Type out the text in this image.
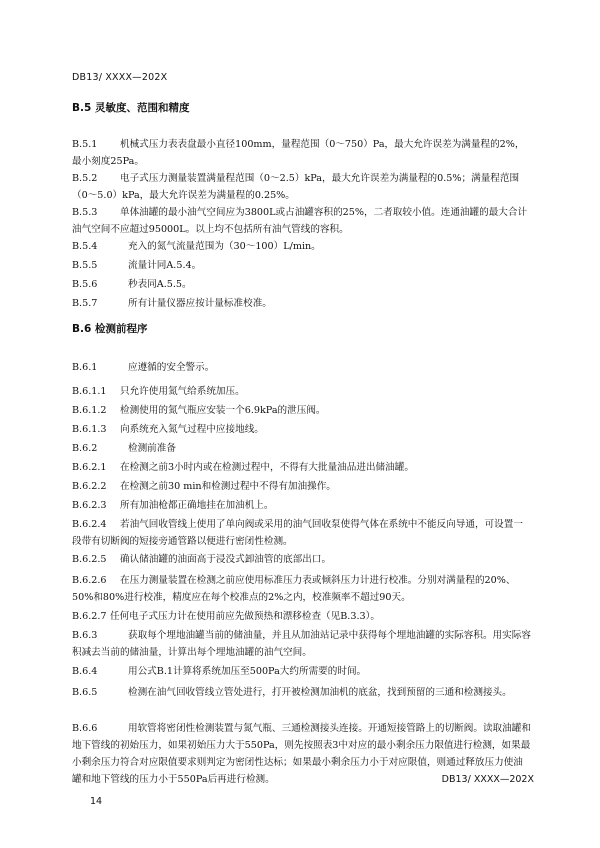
DB13/ XXXX—202X
B.5 灵敏度、范围和精度
B.5.1 机械式压力表表盘最小直径100mm，量程范围（0～750）Pa，最大允许误差为满量程的2%，最小刻度25Pa。
B.5.2 电子式压力测量装置满量程范围（0～2.5）kPa，最大允许误差为满量程的0.5%；满量程范围（0～5.0）kPa，最大允许误差为满量程的0.25%。
B.5.3 单体油罐的最小油气空间应为3800L或占油罐容积的25%，二者取较小值。连通油罐的最大合计油气空间不应超过95000L。以上均不包括所有油气管线的容积。
B.5.4	充入的氮气流量范围为（30～100）L/min。
B.5.5	流量计同A.5.4。
B.5.6	秒表同A.5.5。
B.5.7	所有计量仪器应按计量标准校准。
B.6 检测前程序
B.6.1	应遵循的安全警示。
B.6.1.1 只允许使用氮气给系统加压。
B.6.1.2 检测使用的氮气瓶应安装一个6.9kPa的泄压阀。
B.6.1.3 向系统充入氮气过程中应接地线。
B.6.2	检测前准备
B.6.2.1 在检测之前3小时内或在检测过程中，不得有大批量油品进出储油罐。
B.6.2.2 在检测之前30 min和检测过程中不得有加油操作。
B.6.2.3 所有加油枪都正确地挂在加油机上。
B.6.2.4 若油气回收管线上使用了单向阀或采用的油气回收泵使得气体在系统中不能反向导通，可设置一段带有切断阀的短接旁通管路以便进行密闭性检测。
B.6.2.5 确认储油罐的油面高于浸没式卸油管的底部出口。
B.6.2.6 在压力测量装置在检测之前应使用标准压力表或倾斜压力计进行校准。分别对满量程的20%、50%和80%进行校准，精度应在每个校准点的2%之内，校准频率不超过90天。
B.6.2.7 任何电子式压力计在使用前应先做预热和漂移检查（见B.3.3）。
B.6.3	获取每个埋地油罐当前的储油量，并且从加油站记录中获得每个埋地油罐的实际容积。用实际容积减去当前的储油量，计算出每个埋地油罐的油气空间。
B.6.4	用公式B.1计算将系统加压至500Pa大约所需要的时间。
B.6.5	检测在油气回收管线立管处进行，打开被检测加油机的底盆，找到预留的三通和检测接头。
B.6.6	用软管将密闭性检测装置与氮气瓶、三通检测接头连接。开通短接管路上的切断阀。读取油罐和地下管线的初始压力，如果初始压力大于550Pa，则先按照表3中对应的最小剩余压力限值进行检测，如果最小剩余压力符合对应限值要求则判定为密闭性达标；如果最小剩余压力小于对应限值，则通过释放压力使油罐和地下管线的压力小于550Pa后再进行检测。	DB13/ XXXX—202X
14
